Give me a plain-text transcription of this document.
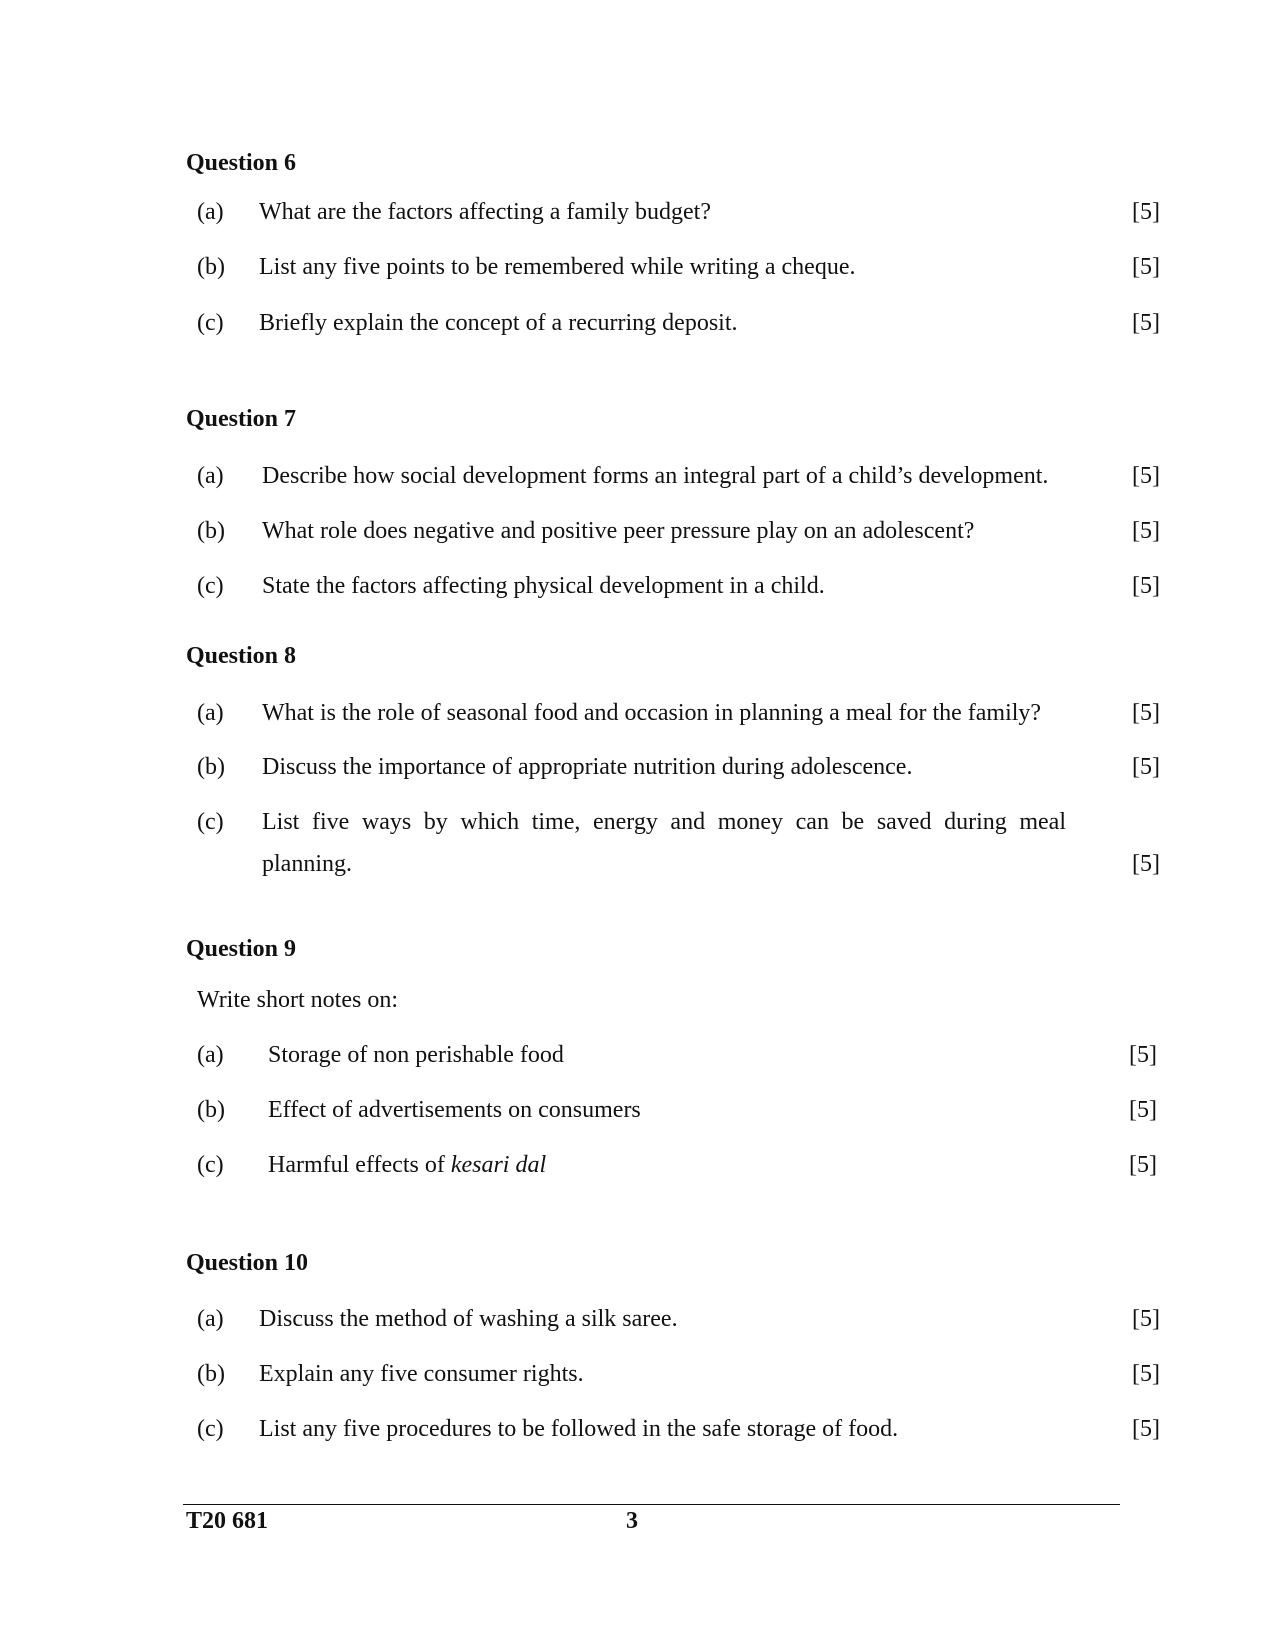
Question 6
(a) What are the factors affecting a family budget?	[5]
(b) List any five points to be remembered while writing a cheque.	[5]
(c) Briefly explain the concept of a recurring deposit.	[5]
Question 7
(a) Describe how social development forms an integral part of a child’s development.	[5]
(b) What role does negative and positive peer pressure play on an adolescent?	[5]
(c) State the factors affecting physical development in a child.	[5]
Question 8
(a) What is the role of seasonal food and occasion in planning a meal for the family?	[5]
(b) Discuss the importance of appropriate nutrition during adolescence.	[5]
(c) List five ways by which time, energy and money can be saved during meal planning.	[5]
Question 9
Write short notes on:
(a) Storage of non perishable food	[5]
(b) Effect of advertisements on consumers	[5]
(c) Harmful effects of kesari dal	[5]
Question 10
(a) Discuss the method of washing a silk saree.	[5]
(b) Explain any five consumer rights.	[5]
(c) List any five procedures to be followed in the safe storage of food.	[5]
T20 681	3
